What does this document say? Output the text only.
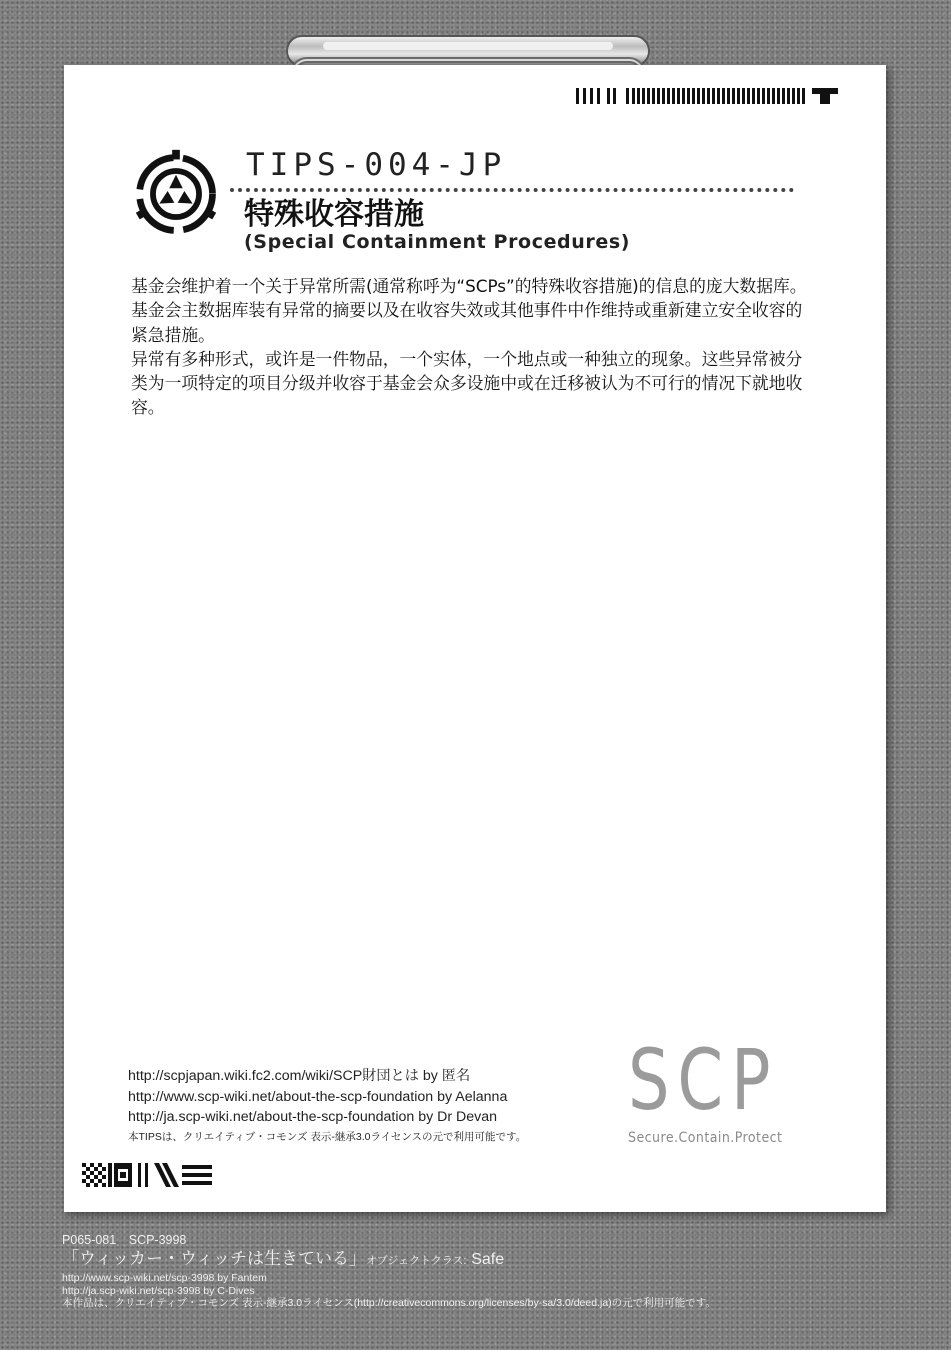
TIPS-004-JP
特殊收容措施
(Special Containment Procedures)

基金会维护着一个关于异常所需(通常称呼为“SCPs”的特殊收容措施)的信息的庞大数据库。基金会主数据库装有异常的摘要以及在收容失效或其他事件中作维持或重新建立安全收容的紧急措施。

异常有多种形式，或许是一件物品，一个实体，一个地点或一种独立的现象。这些异常被分类为一项特定的项目分级并收容于基金会众多设施中或在迁移被认为不可行的情况下就地收容。

http://scpjapan.wiki.fc2.com/wiki/SCP財団とは by 匿名
http://www.scp-wiki.net/about-the-scp-foundation by Aelanna
http://ja.scp-wiki.net/about-the-scp-foundation by Dr Devan
本TIPSは、クリエイティブ・コモンズ 表示-継承3.0ライセンスの元で利用可能です。
SCP
Secure.Contain.Protect
P065-081　SCP-3998
「ウィッカー・ウィッチは生きている」オブジェクトクラス: Safe
http://www.scp-wiki.net/scp-3998 by Fantem
http://ja.scp-wiki.net/scp-3998 by C-Dives
本作品は、クリエイティブ・コモンズ 表示-継承3.0ライセンス(http://creativecommons.org/licenses/by-sa/3.0/deed.ja)の元で利用可能です。
